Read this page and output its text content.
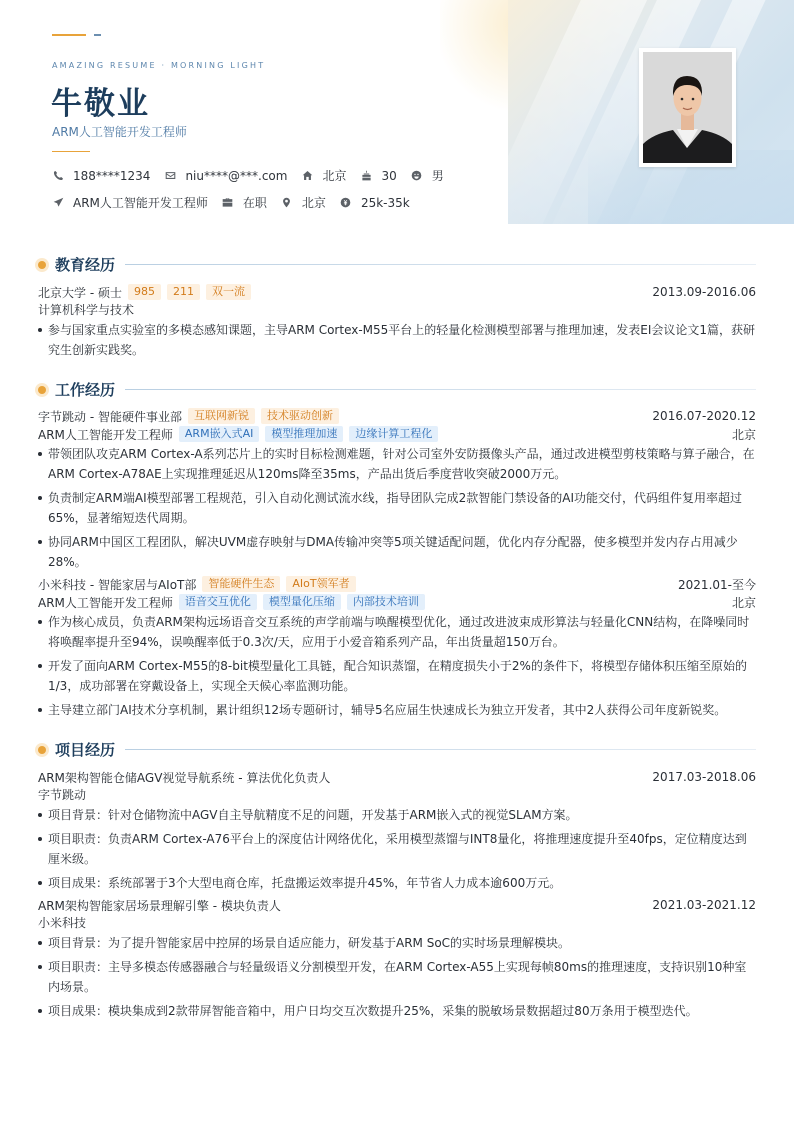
AMAZING RESUME · MORNING LIGHT
牛敬业
ARM人工智能开发工程师
188****1234	niu****@***.com	北京	30	男
ARM人工智能开发工程师	在职	北京	25k-35k
教育经历
北京大学 - 硕士	985	211	双一流	2013.09-2016.06
计算机科学与技术
参与国家重点实验室的多模态感知课题，主导ARM Cortex-M55平台上的轻量化检测模型部署与推理加速，发表EI会议论文1篇，获研究生创新实践奖。
工作经历
字节跳动 - 智能硬件事业部	互联网新锐	技术驱动创新	2016.07-2020.12
ARM人工智能开发工程师	ARM嵌入式AI	模型推理加速	边缘计算工程化	北京
带领团队攻克ARM Cortex-A系列芯片上的实时目标检测难题，针对公司室外安防摄像头产品，通过改进模型剪枝策略与算子融合，在ARM Cortex-A78AE上实现推理延迟从120ms降至35ms，产品出货后季度营收突破2000万元。
负责制定ARM端AI模型部署工程规范，引入自动化测试流水线，指导团队完成2款智能门禁设备的AI功能交付，代码组件复用率超过65%，显著缩短迭代周期。
协同ARM中国区工程团队，解决UVM虚存映射与DMA传输冲突等5项关键适配问题，优化内存分配器，使多模型并发内存占用减少28%。
小米科技 - 智能家居与AIoT部	智能硬件生态	AIoT领军者	2021.01-至今
ARM人工智能开发工程师	语音交互优化	模型量化压缩	内部技术培训	北京
作为核心成员，负责ARM架构远场语音交互系统的声学前端与唤醒模型优化，通过改进波束成形算法与轻量化CNN结构，在降噪同时将唤醒率提升至94%，误唤醒率低于0.3次/天，应用于小爱音箱系列产品，年出货量超150万台。
开发了面向ARM Cortex-M55的8-bit模型量化工具链，配合知识蒸馏，在精度损失小于2%的条件下，将模型存储体积压缩至原始的1/3，成功部署在穿戴设备上，实现全天候心率监测功能。
主导建立部门AI技术分享机制，累计组织12场专题研讨，辅导5名应届生快速成长为独立开发者，其中2人获得公司年度新锐奖。
项目经历
ARM架构智能仓储AGV视觉导航系统 - 算法优化负责人	2017.03-2018.06
字节跳动
项目背景：针对仓储物流中AGV自主导航精度不足的问题，开发基于ARM嵌入式的视觉SLAM方案。
项目职责：负责ARM Cortex-A76平台上的深度估计网络优化，采用模型蒸馏与INT8量化，将推理速度提升至40fps，定位精度达到厘米级。
项目成果：系统部署于3个大型电商仓库，托盘搬运效率提升45%，年节省人力成本逾600万元。
ARM架构智能家居场景理解引擎 - 模块负责人	2021.03-2021.12
小米科技
项目背景：为了提升智能家居中控屏的场景自适应能力，研发基于ARM SoC的实时场景理解模块。
项目职责：主导多模态传感器融合与轻量级语义分割模型开发，在ARM Cortex-A55上实现每帧80ms的推理速度，支持识别10种室内场景。
项目成果：模块集成到2款带屏智能音箱中，用户日均交互次数提升25%，采集的脱敏场景数据超过80万条用于模型迭代。
